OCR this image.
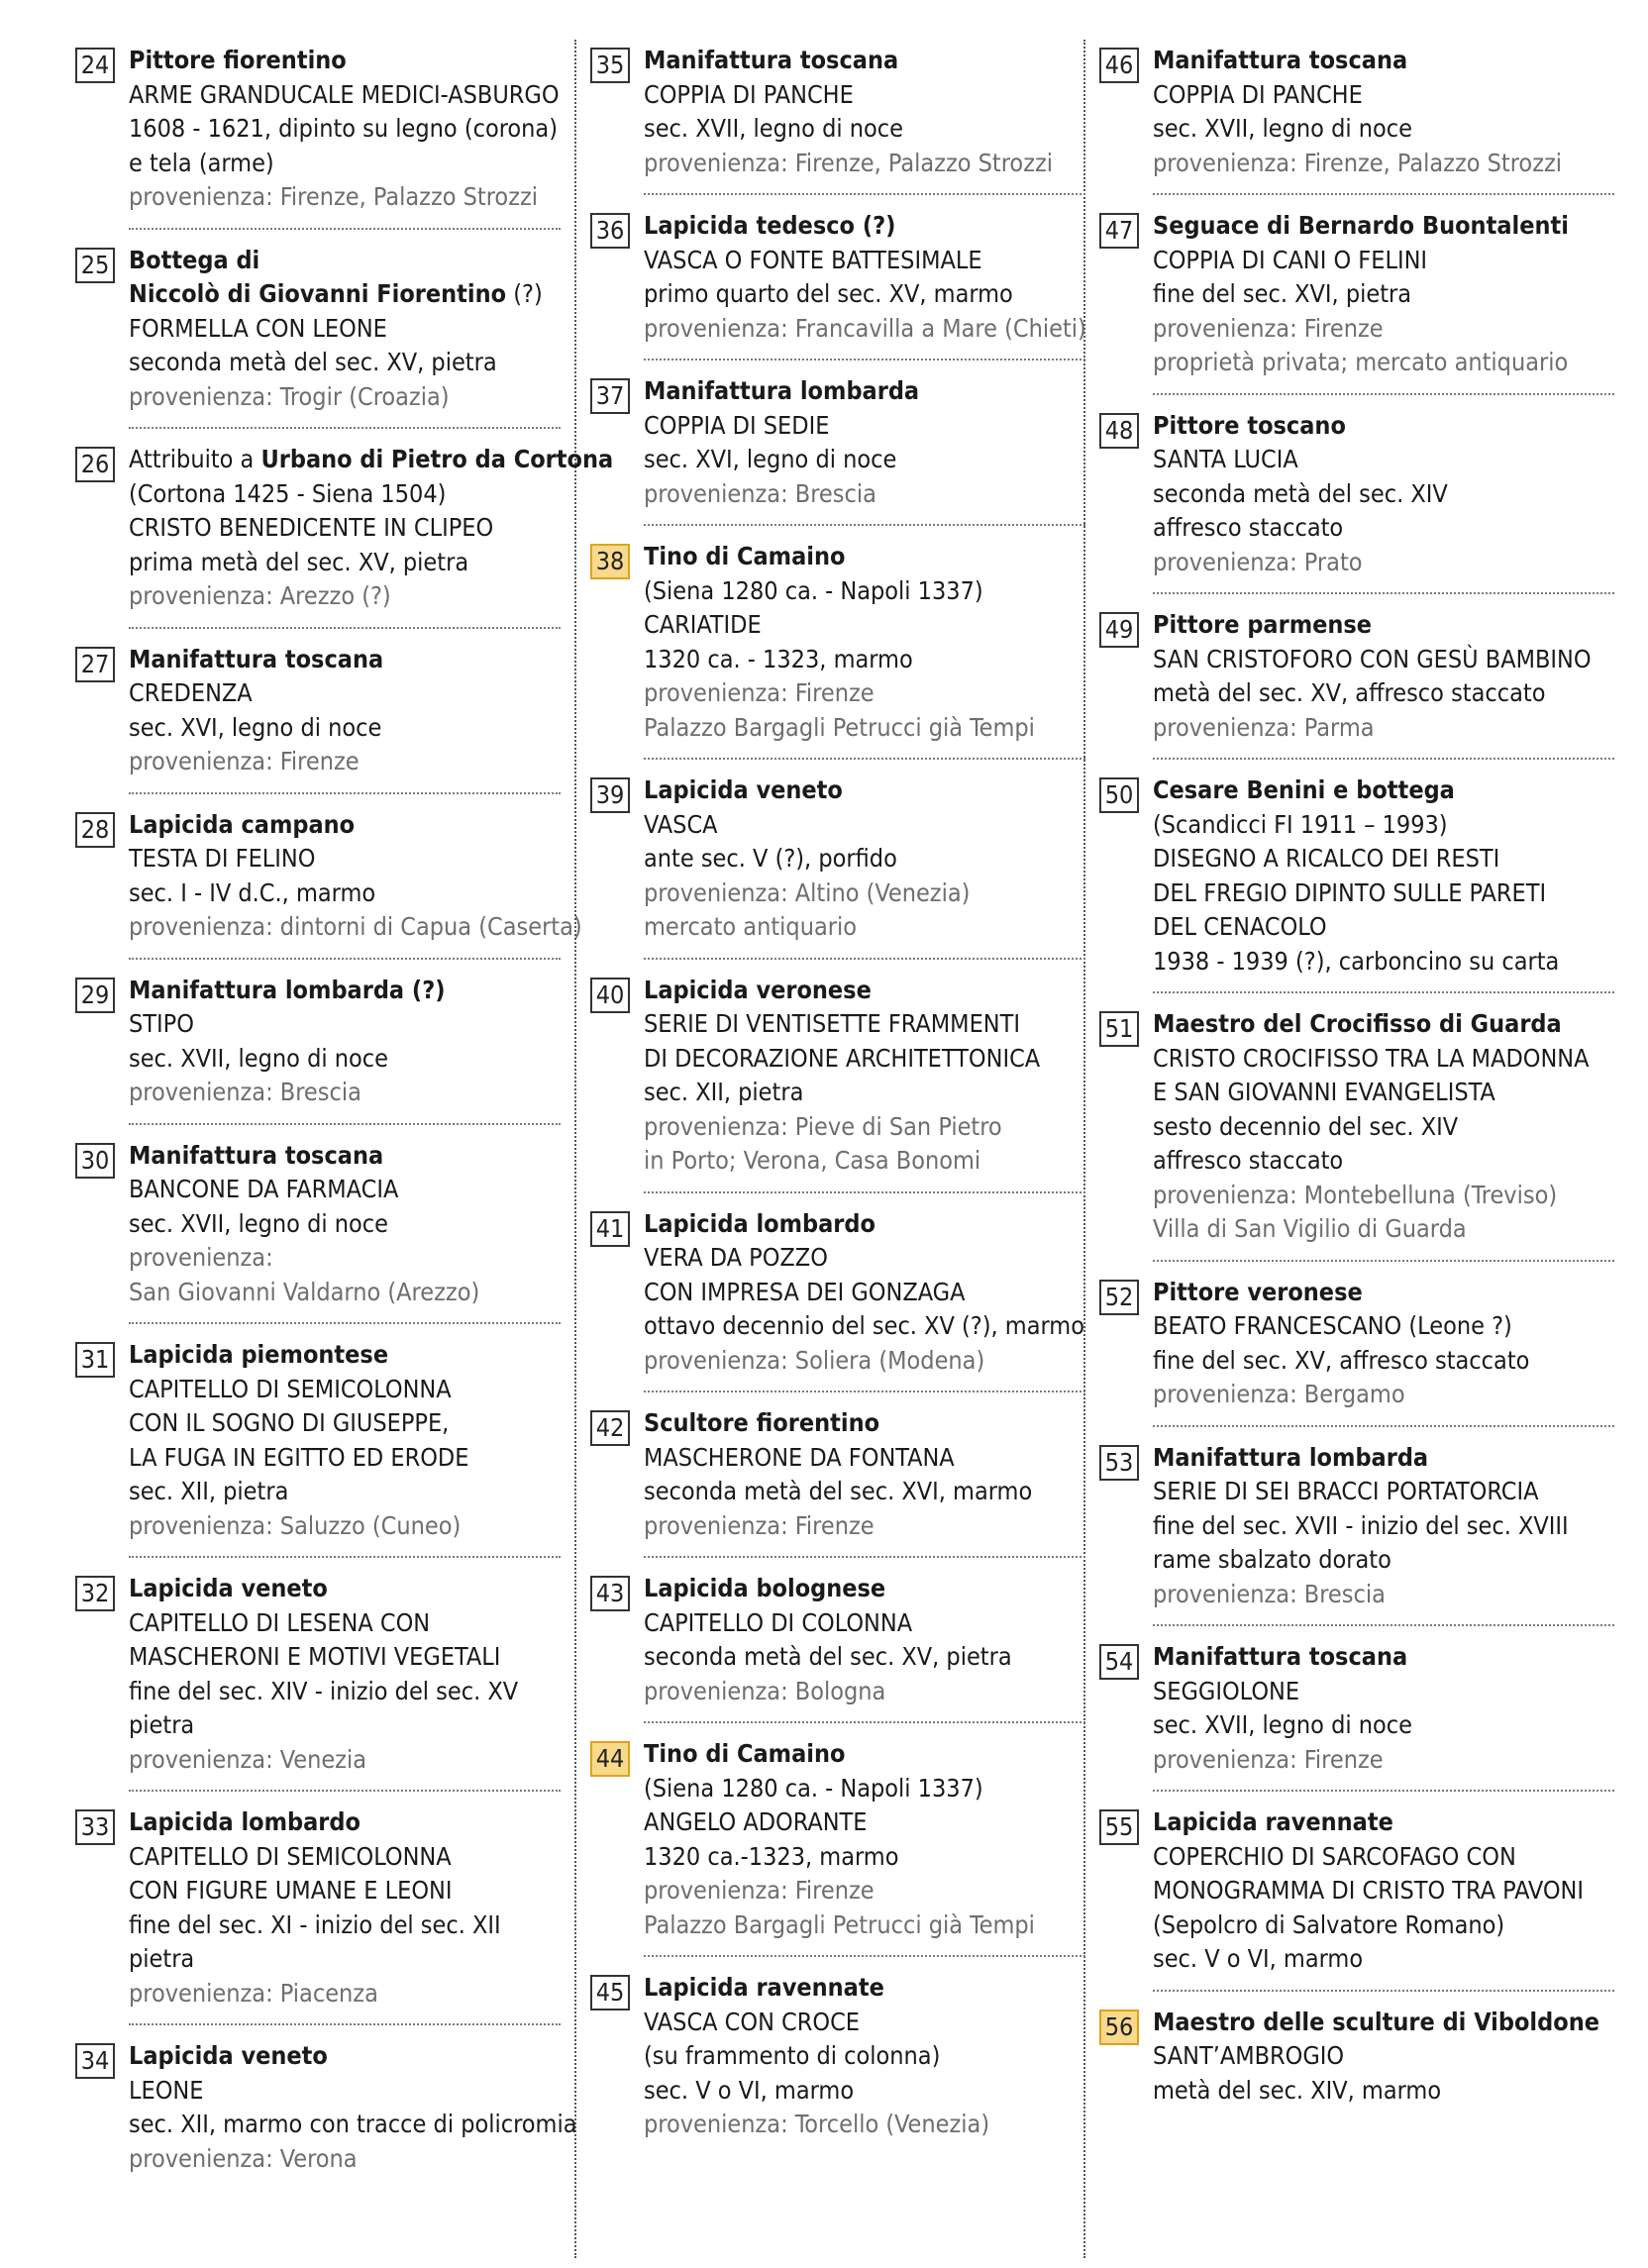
24 Pittore fiorentino
ARME GRANDUCALE MEDICI-ASBURGO
1608 - 1621, dipinto su legno (corona)
e tela (arme)
provenienza: Firenze, Palazzo Strozzi
25 Bottega di
Niccolò di Giovanni Fiorentino (?)
FORMELLA CON LEONE
seconda metà del sec. XV, pietra
provenienza: Trogir (Croazia)
26 Attribuito a Urbano di Pietro da Cortona
(Cortona 1425 - Siena 1504)
CRISTO BENEDICENTE IN CLIPEO
prima metà del sec. XV, pietra
provenienza: Arezzo (?)
27 Manifattura toscana
CREDENZA
sec. XVI, legno di noce
provenienza: Firenze
28 Lapicida campano
TESTA DI FELINO
sec. I - IV d.C., marmo
provenienza: dintorni di Capua (Caserta)
29 Manifattura lombarda (?)
STIPO
sec. XVII, legno di noce
provenienza: Brescia
30 Manifattura toscana
BANCONE DA FARMACIA
sec. XVII, legno di noce
provenienza:
San Giovanni Valdarno (Arezzo)
31 Lapicida piemontese
CAPITELLO DI SEMICOLONNA
CON IL SOGNO DI GIUSEPPE,
LA FUGA IN EGITTO ED ERODE
sec. XII, pietra
provenienza: Saluzzo (Cuneo)
32 Lapicida veneto
CAPITELLO DI LESENA CON
MASCHERONI E MOTIVI VEGETALI
fine del sec. XIV - inizio del sec. XV
pietra
provenienza: Venezia
33 Lapicida lombardo
CAPITELLO DI SEMICOLONNA
CON FIGURE UMANE E LEONI
fine del sec. XI - inizio del sec. XII
pietra
provenienza: Piacenza
34 Lapicida veneto
LEONE
sec. XII, marmo con tracce di policromia
provenienza: Verona
35 Manifattura toscana
COPPIA DI PANCHE
sec. XVII, legno di noce
provenienza: Firenze, Palazzo Strozzi
36 Lapicida tedesco (?)
VASCA O FONTE BATTESIMALE
primo quarto del sec. XV, marmo
provenienza: Francavilla a Mare (Chieti)
37 Manifattura lombarda
COPPIA DI SEDIE
sec. XVI, legno di noce
provenienza: Brescia
38 Tino di Camaino
(Siena 1280 ca. - Napoli 1337)
CARIATIDE
1320 ca. - 1323, marmo
provenienza: Firenze
Palazzo Bargagli Petrucci già Tempi
39 Lapicida veneto
VASCA
ante sec. V (?), porfido
provenienza: Altino (Venezia)
mercato antiquario
40 Lapicida veronese
SERIE DI VENTISETTE FRAMMENTI
DI DECORAZIONE ARCHITETTONICA
sec. XII, pietra
provenienza: Pieve di San Pietro
in Porto; Verona, Casa Bonomi
41 Lapicida lombardo
VERA DA POZZO
CON IMPRESA DEI GONZAGA
ottavo decennio del sec. XV (?), marmo
provenienza: Soliera (Modena)
42 Scultore fiorentino
MASCHERONE DA FONTANA
seconda metà del sec. XVI, marmo
provenienza: Firenze
43 Lapicida bolognese
CAPITELLO DI COLONNA
seconda metà del sec. XV, pietra
provenienza: Bologna
44 Tino di Camaino
(Siena 1280 ca. - Napoli 1337)
ANGELO ADORANTE
1320 ca.-1323, marmo
provenienza: Firenze
Palazzo Bargagli Petrucci già Tempi
45 Lapicida ravennate
VASCA CON CROCE
(su frammento di colonna)
sec. V o VI, marmo
provenienza: Torcello (Venezia)
46 Manifattura toscana
COPPIA DI PANCHE
sec. XVII, legno di noce
provenienza: Firenze, Palazzo Strozzi
47 Seguace di Bernardo Buontalenti
COPPIA DI CANI O FELINI
fine del sec. XVI, pietra
provenienza: Firenze
proprietà privata; mercato antiquario
48 Pittore toscano
SANTA LUCIA
seconda metà del sec. XIV
affresco staccato
provenienza: Prato
49 Pittore parmense
SAN CRISTOFORO CON GESÙ BAMBINO
metà del sec. XV, affresco staccato
provenienza: Parma
50 Cesare Benini e bottega
(Scandicci FI 1911 – 1993)
DISEGNO A RICALCO DEI RESTI
DEL FREGIO DIPINTO SULLE PARETI
DEL CENACOLO
1938 - 1939 (?), carboncino su carta
51 Maestro del Crocifisso di Guarda
CRISTO CROCIFISSO TRA LA MADONNA
E SAN GIOVANNI EVANGELISTA
sesto decennio del sec. XIV
affresco staccato
provenienza: Montebelluna (Treviso)
Villa di San Vigilio di Guarda
52 Pittore veronese
BEATO FRANCESCANO (Leone ?)
fine del sec. XV, affresco staccato
provenienza: Bergamo
53 Manifattura lombarda
SERIE DI SEI BRACCI PORTATORCIA
fine del sec. XVII - inizio del sec. XVIII
rame sbalzato dorato
provenienza: Brescia
54 Manifattura toscana
SEGGIOLONE
sec. XVII, legno di noce
provenienza: Firenze
55 Lapicida ravennate
COPERCHIO DI SARCOFAGO CON
MONOGRAMMA DI CRISTO TRA PAVONI
(Sepolcro di Salvatore Romano)
sec. V o VI, marmo
56 Maestro delle sculture di Viboldone
SANT’AMBROGIO
metà del sec. XIV, marmo
